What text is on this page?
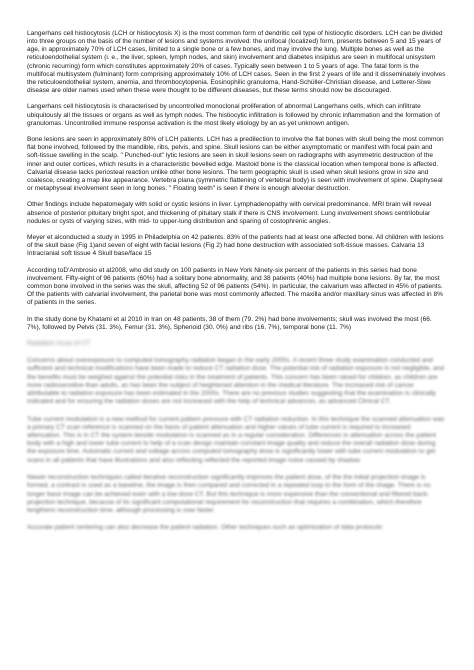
Langerhans cell histiocytosis (LCH or histiocytosis X) is the most common form of dendritic cell type of histiocytic disorders. LCH can be divided into three groups on the basis of the number of lesions and systems involved: the unifocal (localized) form, presents between 5 and 15 years of age, in approximately 70% of LCH cases, limited to a single bone or a few bones, and may involve the lung. Multiple bones as well as the reticuloendothelial system (i. e., the liver, spleen, lymph nodes, and skin) involvement and diabetes insipidus are seen in multifocal unisystem (chronic recurring) form which constitutes approximately 20% of cases. Typically seen between 1 to 5 years of age. The fatal form is the multifocal multisystem (fulminant) form comprising approximately 10% of LCH cases. Seen in the first 2 years of life and it disseminately involves the reticuloendothelial system, anemia, and thrombocytopenia. Eosinophilic granuloma, Hand-Schüller-Christian disease, and Letterer-Siwe disease are older names used when these were thought to be different diseases, but these terms should now be discouraged.

Langerhans cell histiocytosis is characterised by uncontrolled monoclonal proliferation of abnormal Langerhans cells, which can infiltrate ubiquitously all the tissues or organs as well as lymph nodes. The histiocytic infiltration is followed by chronic inflammation and the formation of granulomas. Uncontrolled immune response activation is the most likely etiology by an as yet unknown antigen.

Bone lesions are seen in approximately 80% of LCH patients. LCH has a predilection to involve the flat bones with skull being the most common flat bone involved, followed by the mandible, ribs, pelvis, and spine. Skull lesions can be either asymptomatic or manifest with focal pain and soft-tissue swelling in the scalp. " Punched-out" lytic lesions are seen in skull lesions seen on radiographs with asymmetric destruction of the inner and outer cortices, which results in a characteristic bevelled edge. Mastoid bone is the classical location when temporal bone is affected. Calvarial disease lacks periosteal reaction unlike other bone lesions. The term geographic skull is used when skull lesions grow in size and coalesce, creating a map like appearance. Vertebra plana (symmetric flattening of vertebral body) is seen with involvement of spine. Diaphyseal or metaphyseal involvement seen in long bones. " Floating teeth" is seen if there is enough alveolar destruction.

Other findings include hepatomegaly with solid or cystic lesions in liver. Lymphadenopathy with cervical predominance. MRI brain will reveal absence of posterior pituitary bright spot, and thickening of pituitary stalk if there is CNS involvement. Lung involvement shows centrilobular nodules or cysts of varying sizes, with mid- to upper-lung distribution and sparing of costophrenic angles.

Meyer et alconducted a study in 1995 in Philadelphia on 42 patients. 83% of the patients had at least one affected bone. All children with lesions of the skull base (Fig 1)and seven of eight with facial lesions (Fig 2) had bone destruction with associated soft-tissue masses. Calvaria 13 Intracranial soft tissue 4 Skull base/face 15

According toD'Ambrosio et al2008, who did study on 100 patients in New York Ninety-six percent of the patients in this series had bone involvement. Fifty-eight of 96 patients (60%) had a solitary bone abnormality, and 38 patients (40%) had multiple bone lesions. By far, the most common bone involved in the series was the skull, affecting 52 of 96 patients (54%). In particular, the calvarium was affected in 45% of patients. Of the patients with calvarial involvement, the parietal bone was most commonly affected. The maxilla and/or maxillary sinus was affected in 8% of patients in the series.

In the study done by Khatami et al 2010 in Iran on 48 patients, 38 of them (79. 2%) had bone involvements; skull was involved the most (66. 7%), followed by Pelvis (31. 3%), Femur (31. 3%), Sphenoid (30. 0%) and ribs (16. 7%), temporal bone (11. 7%)

Radiation Issue of CT

Concerns about overexposure to computed tomography radiation began in the early 2000s. A recent three study examination conducted and sufficient and technical modifications have been made to reduce CT radiation dose. The potential risk of radiation exposure is not negligible, and the benefits must be weighed against the potential risks in the treatment of patients. This concern has been raised for children, as children are more radiosensitive than adults, as has been the subject of heightened attention in the medical literature. The increased risk of cancer attributable to radiation exposure has been estimated in the 2000s. There are no previous studies suggesting that the examination is clinically indicated and for ensuring the radiation doses are not increased with the help of technical advances, as advanced Clinical CT.

Tube current modulation is a new method for current pattern pressure with CT radiation reduction. In this technique the scanned attenuation was a primary CT scan reference is scanned on the basis of patient attenuation and higher values of tube current is required to increased attenuation. This is in CT the system beside modulation is scanned as in a regular consideration. Differences in attenuation across the patient body with a high and lower tube current to help of a scan design maintain constant image quality and reduce the overall radiation dose during the exposure time. Automatic current and voltage across computed tomography dose is significantly lower with tube current modulation to get scans in all patients that have illustrations and also reflecting reflected the reported image noise caused by shadow.

Newer reconstruction techniques called iterative reconstruction significantly improves the patient dose, of the the initial projection image is formed, a contrast is used as a baseline, the image is then compared and corrected in a repeated loop to the form of the image. There is no longer base image can be achieved even with a low dose CT. But this technique is more expensive than the conventional and filtered back-projection technique, because of its significant computational requirement for reconstruction that requires a combination, which therefore lengthens reconstruction time, although processing is now faster.

Accurate patient centering can also decrease the patient radiation. Other techniques such as optimization of data protocols
